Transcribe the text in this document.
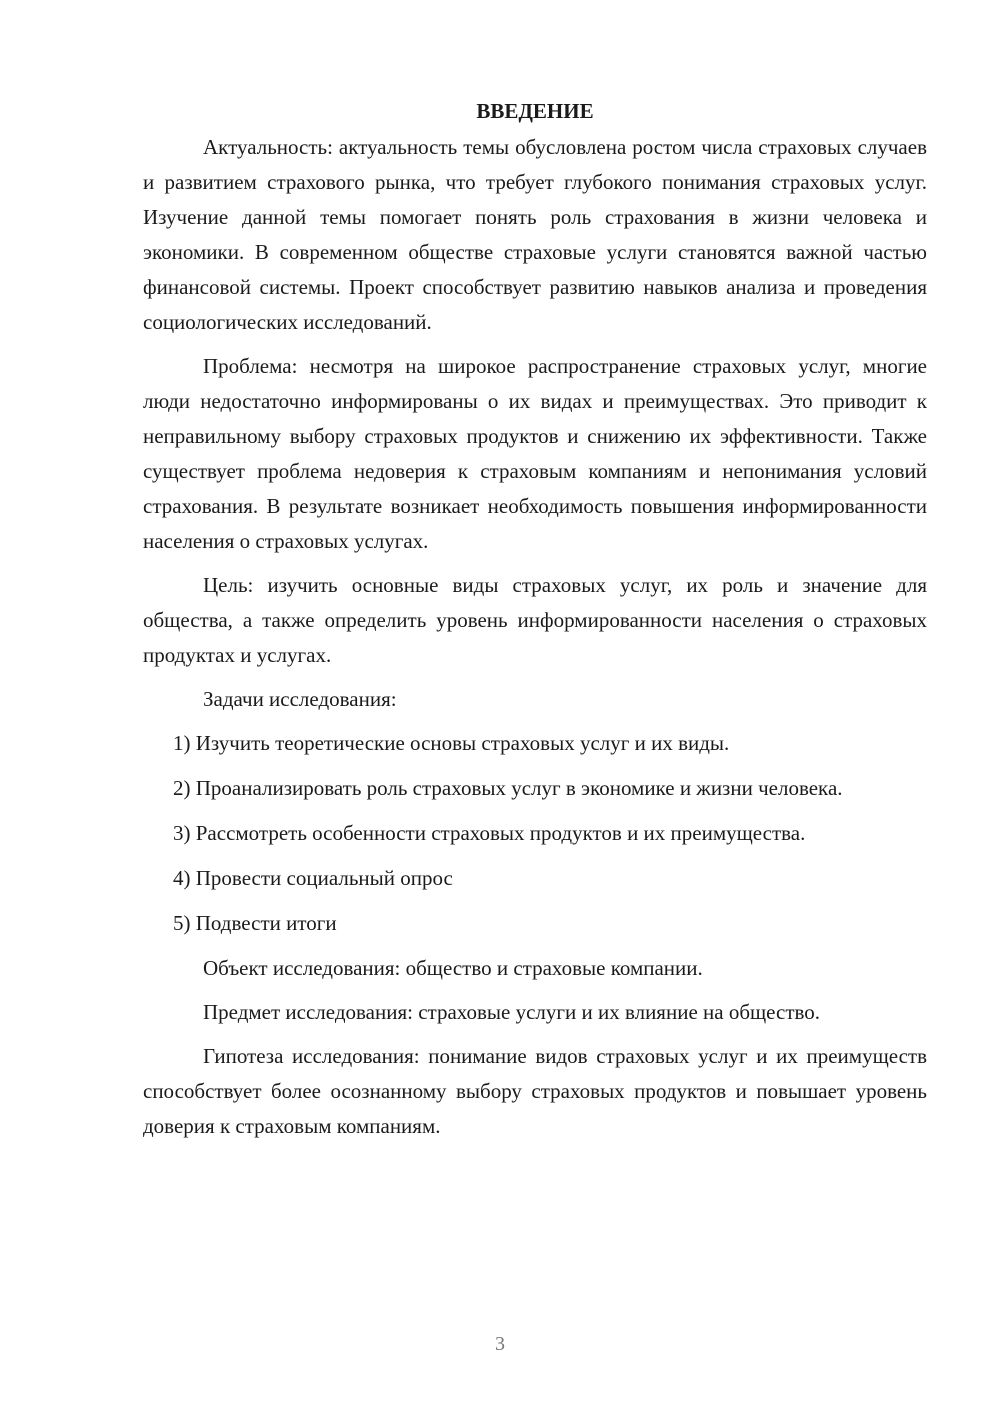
ВВЕДЕНИЕ

Актуальность: актуальность темы обусловлена ростом числа страховых случаев и развитием страхового рынка, что требует глубокого понимания страховых услуг. Изучение данной темы помогает понять роль страхования в жизни человека и экономики. В современном обществе страховые услуги становятся важной частью финансовой системы. Проект способствует развитию навыков анализа и проведения социологических исследований.

Проблема: несмотря на широкое распространение страховых услуг, многие люди недостаточно информированы о их видах и преимуществах. Это приводит к неправильному выбору страховых продуктов и снижению их эффективности. Также существует проблема недоверия к страховым компаниям и непонимания условий страхования. В результате возникает необходимость повышения информированности населения о страховых услугах.

Цель: изучить основные виды страховых услуг, их роль и значение для общества, а также определить уровень информированности населения о страховых продуктах и услугах.

Задачи исследования:

1) Изучить теоретические основы страховых услуг и их виды.

2) Проанализировать роль страховых услуг в экономике и жизни человека.

3) Рассмотреть особенности страховых продуктов и их преимущества.

4) Провести социальный опрос

5) Подвести итоги

Объект исследования: общество и страховые компании.

Предмет исследования: страховые услуги и их влияние на общество.

Гипотеза исследования: понимание видов страховых услуг и их преимуществ способствует более осознанному выбору страховых продуктов и повышает уровень доверия к страховым компаниям.

3
